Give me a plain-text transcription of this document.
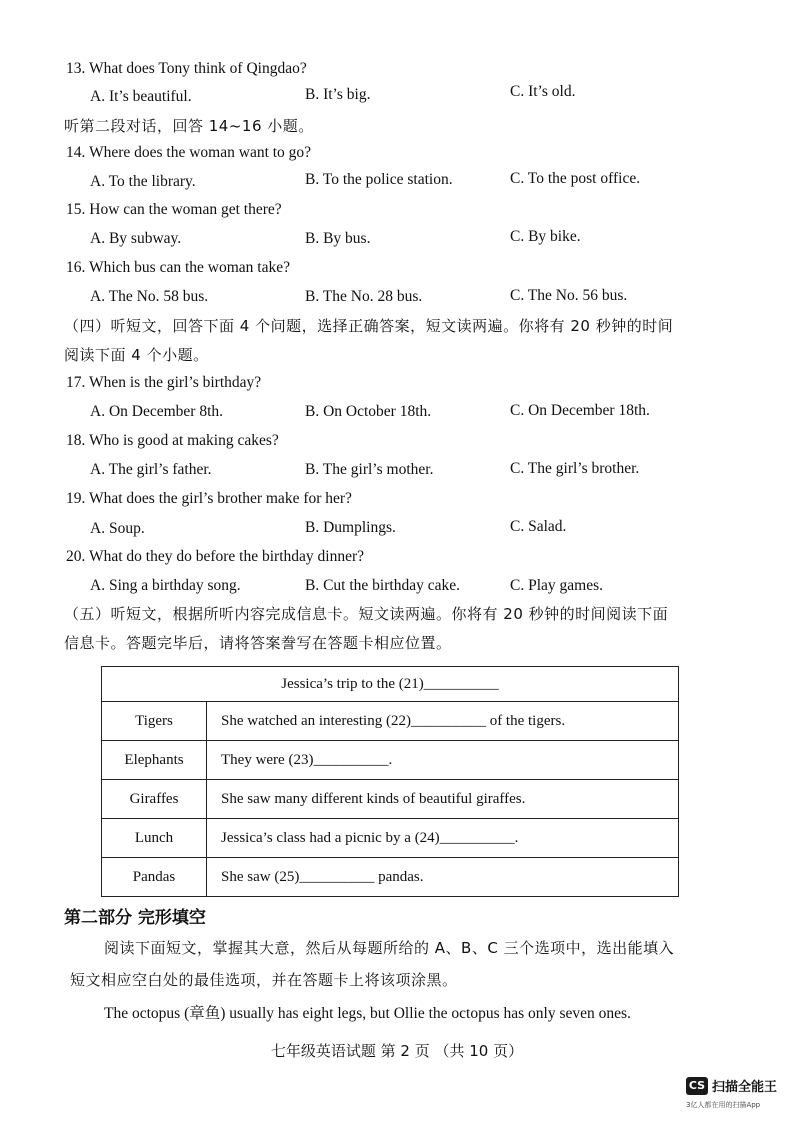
13. What does Tony think of Qingdao?
A. It’s beautiful.	B. It’s big.	C. It’s old.
听第二段对话，回答 14~16 小题。
14. Where does the woman want to go?
A. To the library.	B. To the police station.	C. To the post office.
15. How can the woman get there?
A. By subway.	B. By bus.	C. By bike.
16. Which bus can the woman take?
A. The No. 58 bus.	B. The No. 28 bus.	C. The No. 56 bus.
（四）听短文，回答下面 4 个问题，选择正确答案，短文读两遍。你将有 20 秒钟的时间
阅读下面 4 个小题。
17. When is the girl’s birthday?
A. On December 8th.	B. On October 18th.	C. On December 18th.
18. Who is good at making cakes?
A. The girl’s father.	B. The girl’s mother.	C. The girl’s brother.
19. What does the girl’s brother make for her?
A. Soup.	B. Dumplings.	C. Salad.
20. What do they do before the birthday dinner?
A. Sing a birthday song.	B. Cut the birthday cake.	C. Play games.
（五）听短文，根据所听内容完成信息卡。短文读两遍。你将有 20 秒钟的时间阅读下面
信息卡。答题完毕后，请将答案誊写在答题卡相应位置。
Jessica’s trip to the (21)__________	
Tigers	She watched an interesting (22)__________ of the tigers.
Elephants	They were (23)__________.
Giraffes	She saw many different kinds of beautiful giraffes.
Lunch	Jessica’s class had a picnic by a (24)__________.
Pandas	She saw (25)__________ pandas.
第二部分 完形填空
阅读下面短文，掌握其大意，然后从每题所给的 A、B、C 三个选项中，选出能填入
短文相应空白处的最佳选项，并在答题卡上将该项涂黑。
The octopus (章鱼) usually has eight legs, but Ollie the octopus has only seven ones.
七年级英语试题 第 2 页 （共 10 页）
CS 扫描全能王
3亿人都在用的扫描App
